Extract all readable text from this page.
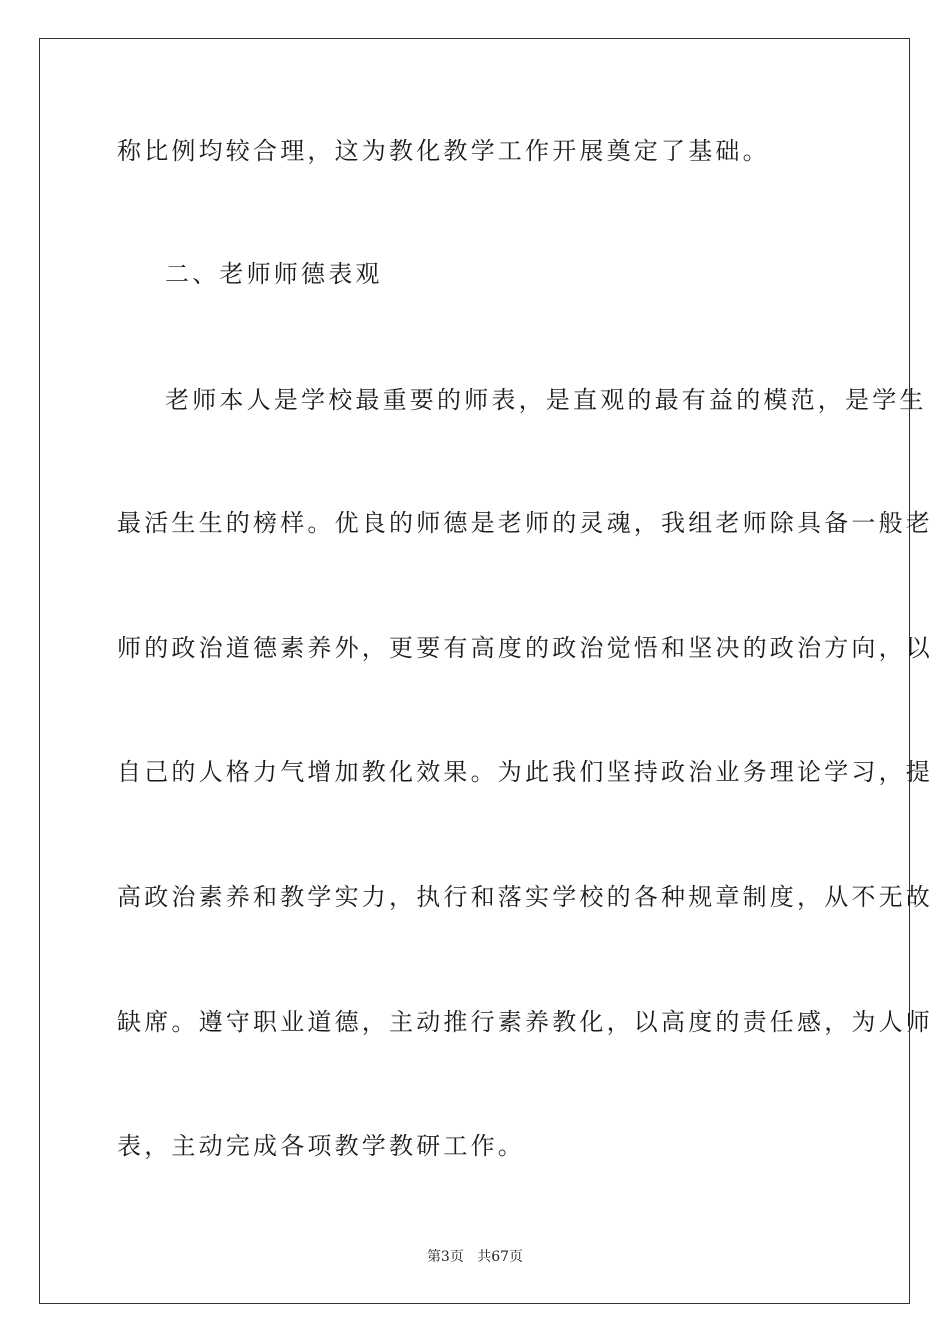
称比例均较合理，这为教化教学工作开展奠定了基础。
二、老师师德表观
老师本人是学校最重要的师表，是直观的最有益的模范，是学生
最活生生的榜样。优良的师德是老师的灵魂，我组老师除具备一般老
师的政治道德素养外，更要有高度的政治觉悟和坚决的政治方向，以
自己的人格力气增加教化效果。为此我们坚持政治业务理论学习，提
高政治素养和教学实力，执行和落实学校的各种规章制度，从不无故
缺席。遵守职业道德，主动推行素养教化，以高度的责任感，为人师
表，主动完成各项教学教研工作。
第3页 共67页
